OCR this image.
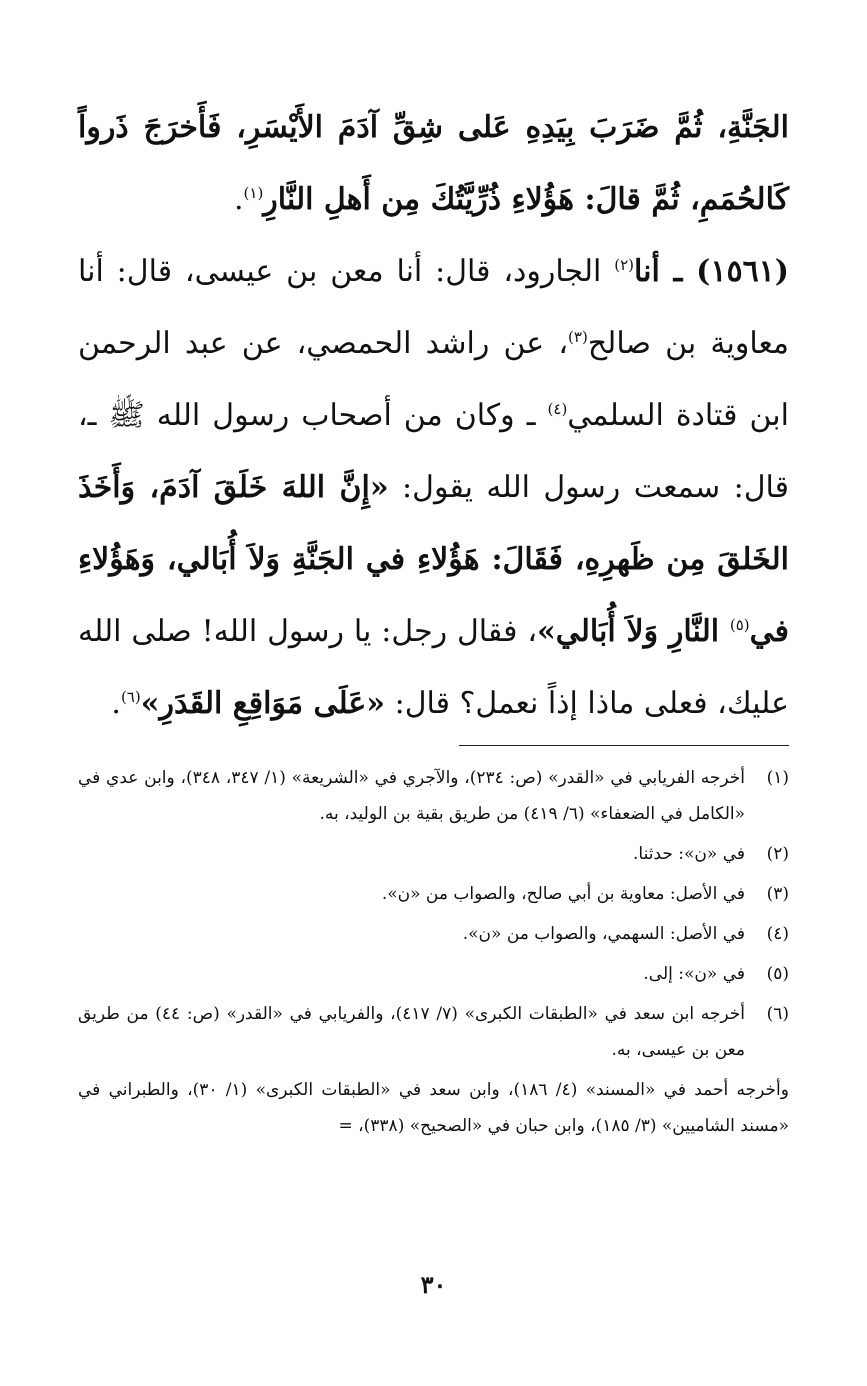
الجَنَّةِ، ثُمَّ ضَرَبَ بِيَدِهِ عَلى شِقِّ آدَمَ الأَيْسَرِ، فَأَخرَجَ ذَرواً كَالحُمَمِ، ثُمَّ قالَ: هَؤُلاءِ ذُرِّيَّتُكَ مِن أَهلِ النَّارِ$^{(١)}$.

(١٥٦١) ـ أنا$^{(٢)}$ الجارود، قال: أنا معن بن عيسى، قال: أنا معاوية بن صالح$^{(٣)}$، عن راشد الحمصي، عن عبد الرحمن ابن قتادة السلمي$^{(٤)}$ ـ وكان من أصحاب رسول الله ﷺ ـ، قال: سمعت رسول الله يقول: «إِنَّ اللهَ خَلَقَ آدَمَ، وَأَخَذَ الخَلقَ مِن ظَهرِهِ، فَقَالَ: هَؤُلاءِ في الجَنَّةِ وَلاَ أُبَالي، وَهَؤُلاءِ في$^{(٥)}$ النَّارِ وَلاَ أُبَالي»، فقال رجل: يا رسول الله! صلى الله عليك، فعلى ماذا إذاً نعمل؟ قال: «عَلَى مَوَاقِعِ القَدَرِ»$^{(٦)}$.

(١)
أخرجه الفريابي في «القدر» (ص: ٢٣٤)، والآجري في «الشريعة» (١/ ٣٤٧، ٣٤٨)، وابن عدي في «الكامل في الضعفاء» (٦/ ٤١٩) من طريق بقية بن الوليد، به.
(٢)
في «ن»: حدثنا.
(٣)
في الأصل: معاوية بن أبي صالح، والصواب من «ن».
(٤)
في الأصل: السهمي، والصواب من «ن».
(٥)
في «ن»: إلى.
(٦)
أخرجه ابن سعد في «الطبقات الكبرى» (٧/ ٤١٧)، والفريابي في «القدر» (ص: ٤٤) من طريق معن بن عيسى، به.
وأخرجه أحمد في «المسند» (٤/ ١٨٦)، وابن سعد في «الطبقات الكبرى» (١/ ٣٠)، والطبراني في «مسند الشاميين» (٣/ ١٨٥)، وابن حبان في «الصحيح» (٣٣٨)، =
٣٠
